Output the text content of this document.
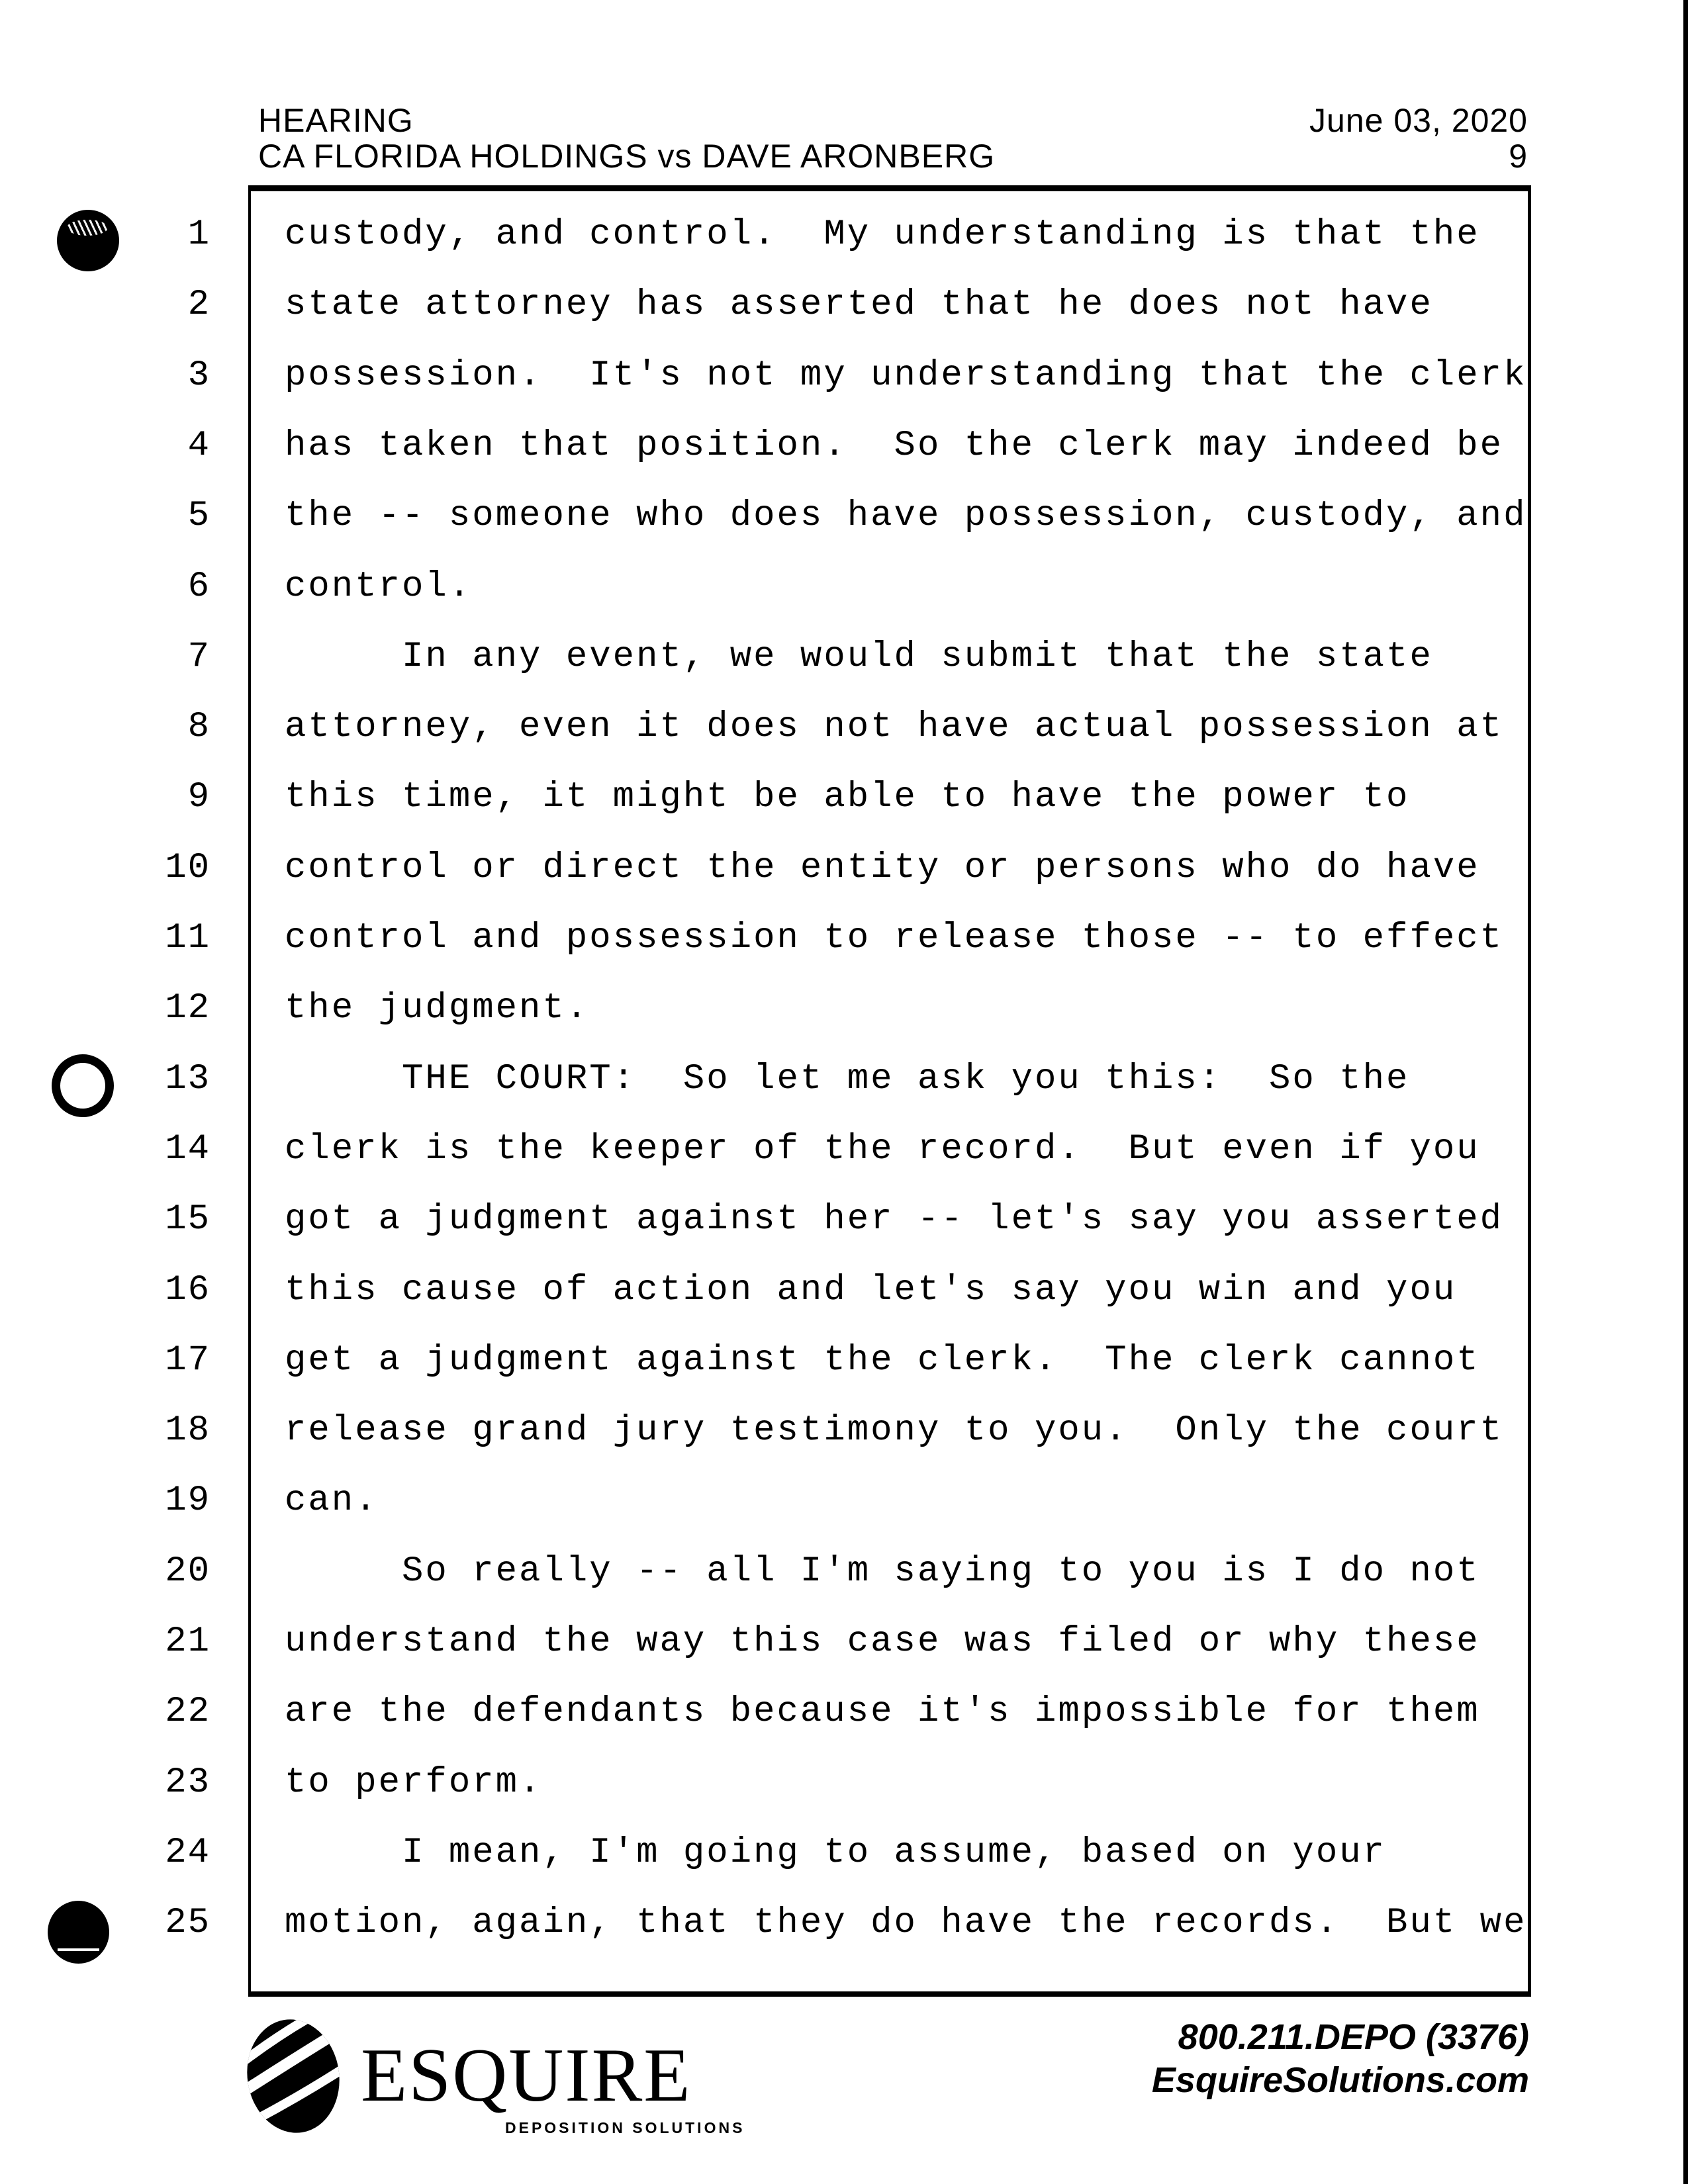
HEARING
CA FLORIDA HOLDINGS vs DAVE ARONBERG
June 03, 2020
9
1 custody, and control.  My understanding is that the
2 state attorney has asserted that he does not have
3 possession.  It's not my understanding that the clerk
4 has taken that position.  So the clerk may indeed be
5 the -- someone who does have possession, custody, and
6 control.
7 In any event, we would submit that the state
8 attorney, even it does not have actual possession at
9 this time, it might be able to have the power to
10 control or direct the entity or persons who do have
11 control and possession to release those -- to effect
12 the judgment.
13 THE COURT:  So let me ask you this:  So the
14 clerk is the keeper of the record.  But even if you
15 got a judgment against her -- let's say you asserted
16 this cause of action and let's say you win and you
17 get a judgment against the clerk.  The clerk cannot
18 release grand jury testimony to you.  Only the court
19 can.
20 So really -- all I'm saying to you is I do not
21 understand the way this case was filed or why these
22 are the defendants because it's impossible for them
23 to perform.
24 I mean, I'm going to assume, based on your
25 motion, again, that they do have the records.  But we
ESQUIRE
DEPOSITION SOLUTIONS
800.211.DEPO (3376)
EsquireSolutions.com
